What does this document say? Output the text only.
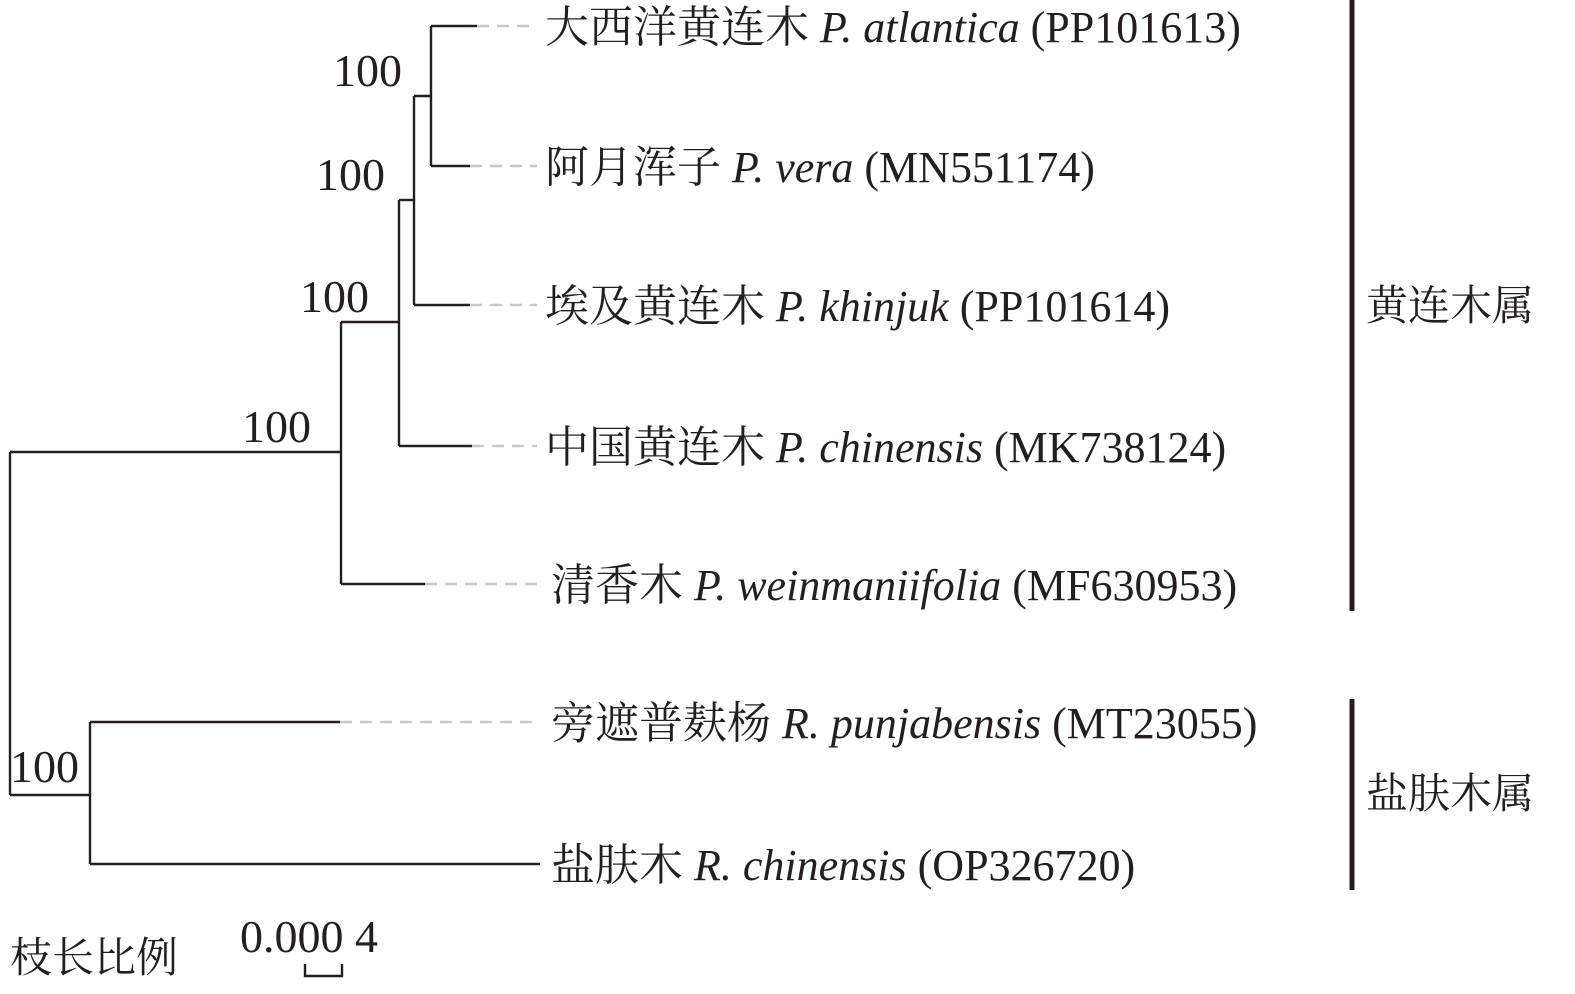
100
100
100
100
100
大西洋黄连木 P. atlantica (PP101613)
阿月浑子 P. vera (MN551174)
埃及黄连木 P. khinjuk (PP101614)
中国黄连木 P. chinensis (MK738124)
清香木 P. weinmaniifolia (MF630953)
旁遮普麸杨 R. punjabensis (MT23055)
盐肤木 R. chinensis (OP326720)
黄连木属
盐肤木属
枝长比例 0.000 4
